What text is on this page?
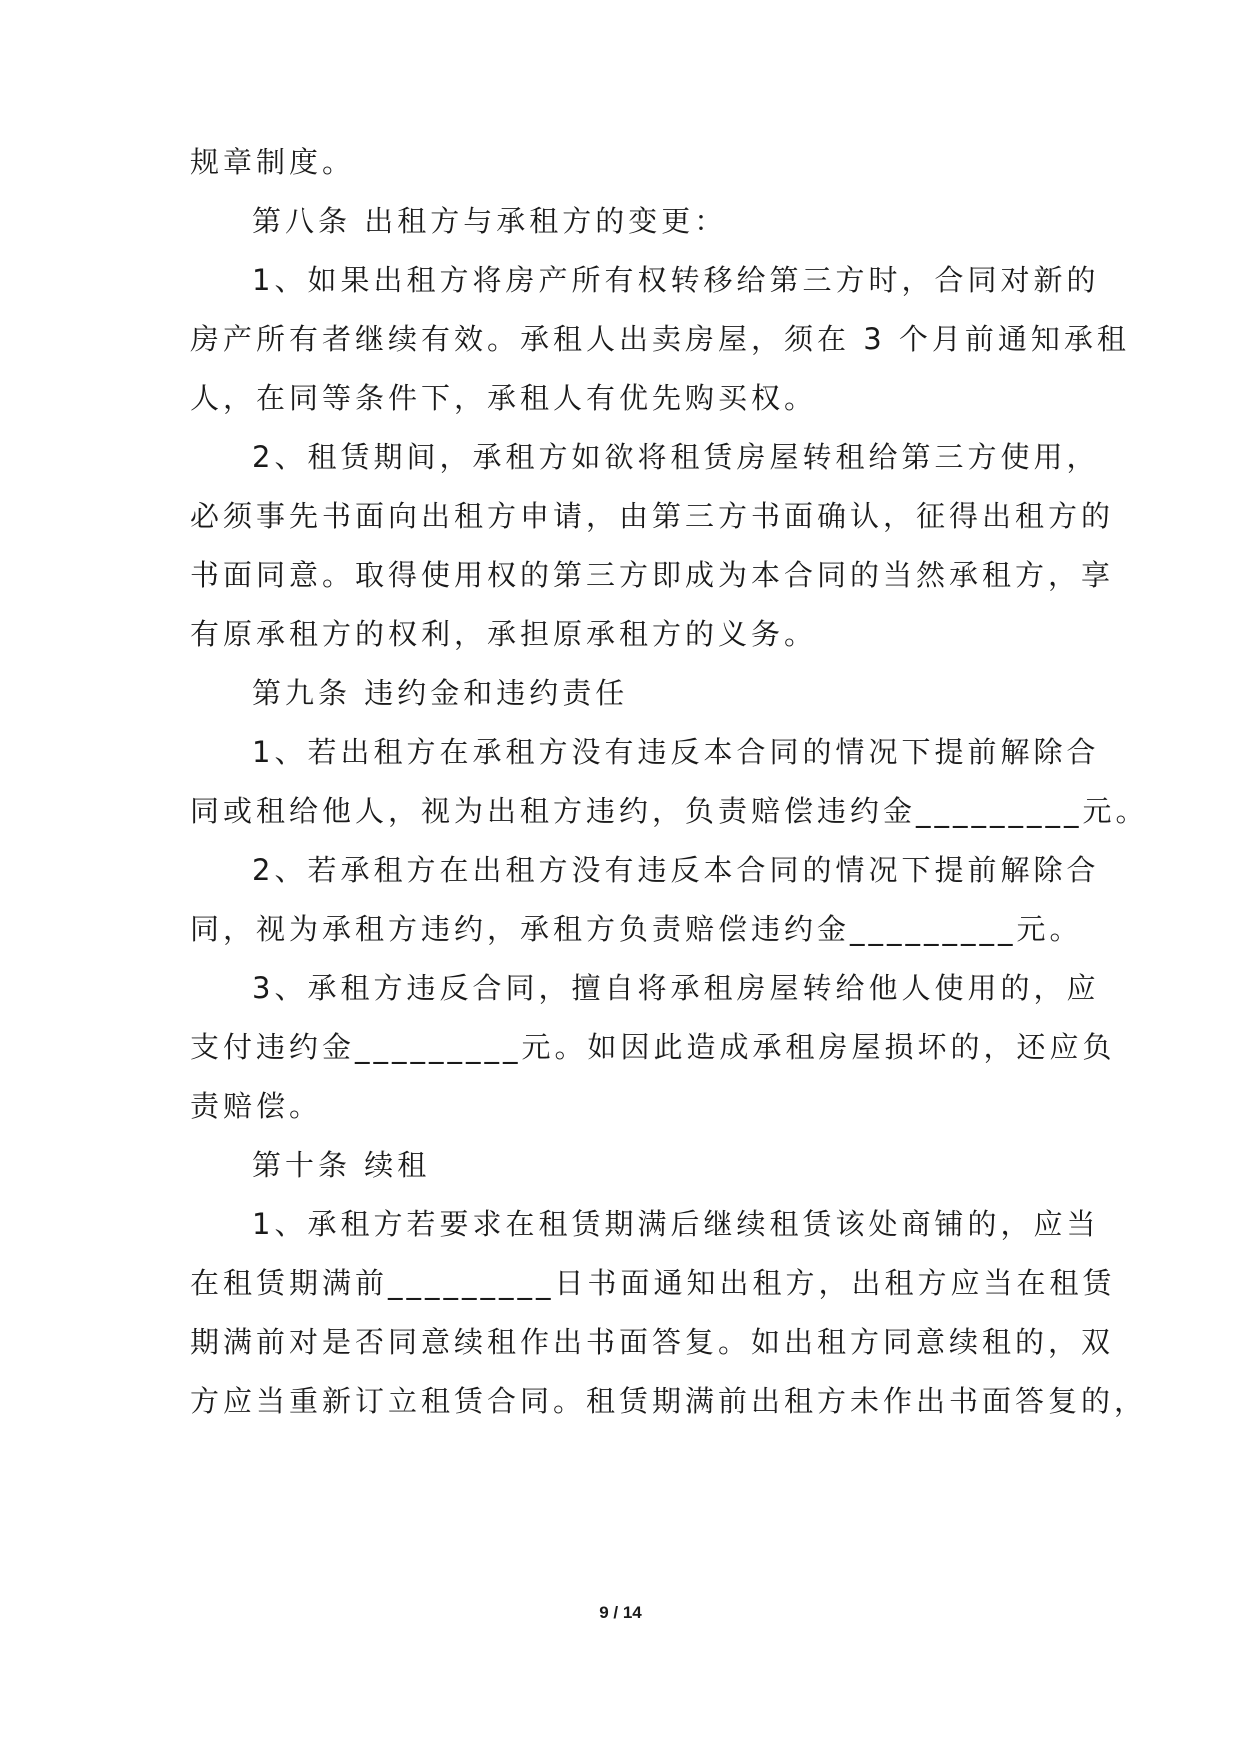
规章制度。
第八条 出租方与承租方的变更：
1、如果出租方将房产所有权转移给第三方时，合同对新的
房产所有者继续有效。承租人出卖房屋，须在 3 个月前通知承租
人，在同等条件下，承租人有优先购买权。
2、租赁期间，承租方如欲将租赁房屋转租给第三方使用，
必须事先书面向出租方申请，由第三方书面确认，征得出租方的
书面同意。取得使用权的第三方即成为本合同的当然承租方，享
有原承租方的权利，承担原承租方的义务。
第九条 违约金和违约责任
1、若出租方在承租方没有违反本合同的情况下提前解除合
同或租给他人，视为出租方违约，负责赔偿违约金_________元。
2、若承租方在出租方没有违反本合同的情况下提前解除合
同，视为承租方违约，承租方负责赔偿违约金_________元。
3、承租方违反合同，擅自将承租房屋转给他人使用的，应
支付违约金_________元。如因此造成承租房屋损坏的，还应负
责赔偿。
第十条 续租
1、承租方若要求在租赁期满后继续租赁该处商铺的，应当
在租赁期满前_________日书面通知出租方，出租方应当在租赁
期满前对是否同意续租作出书面答复。如出租方同意续租的，双
方应当重新订立租赁合同。租赁期满前出租方未作出书面答复的，
9 / 14
